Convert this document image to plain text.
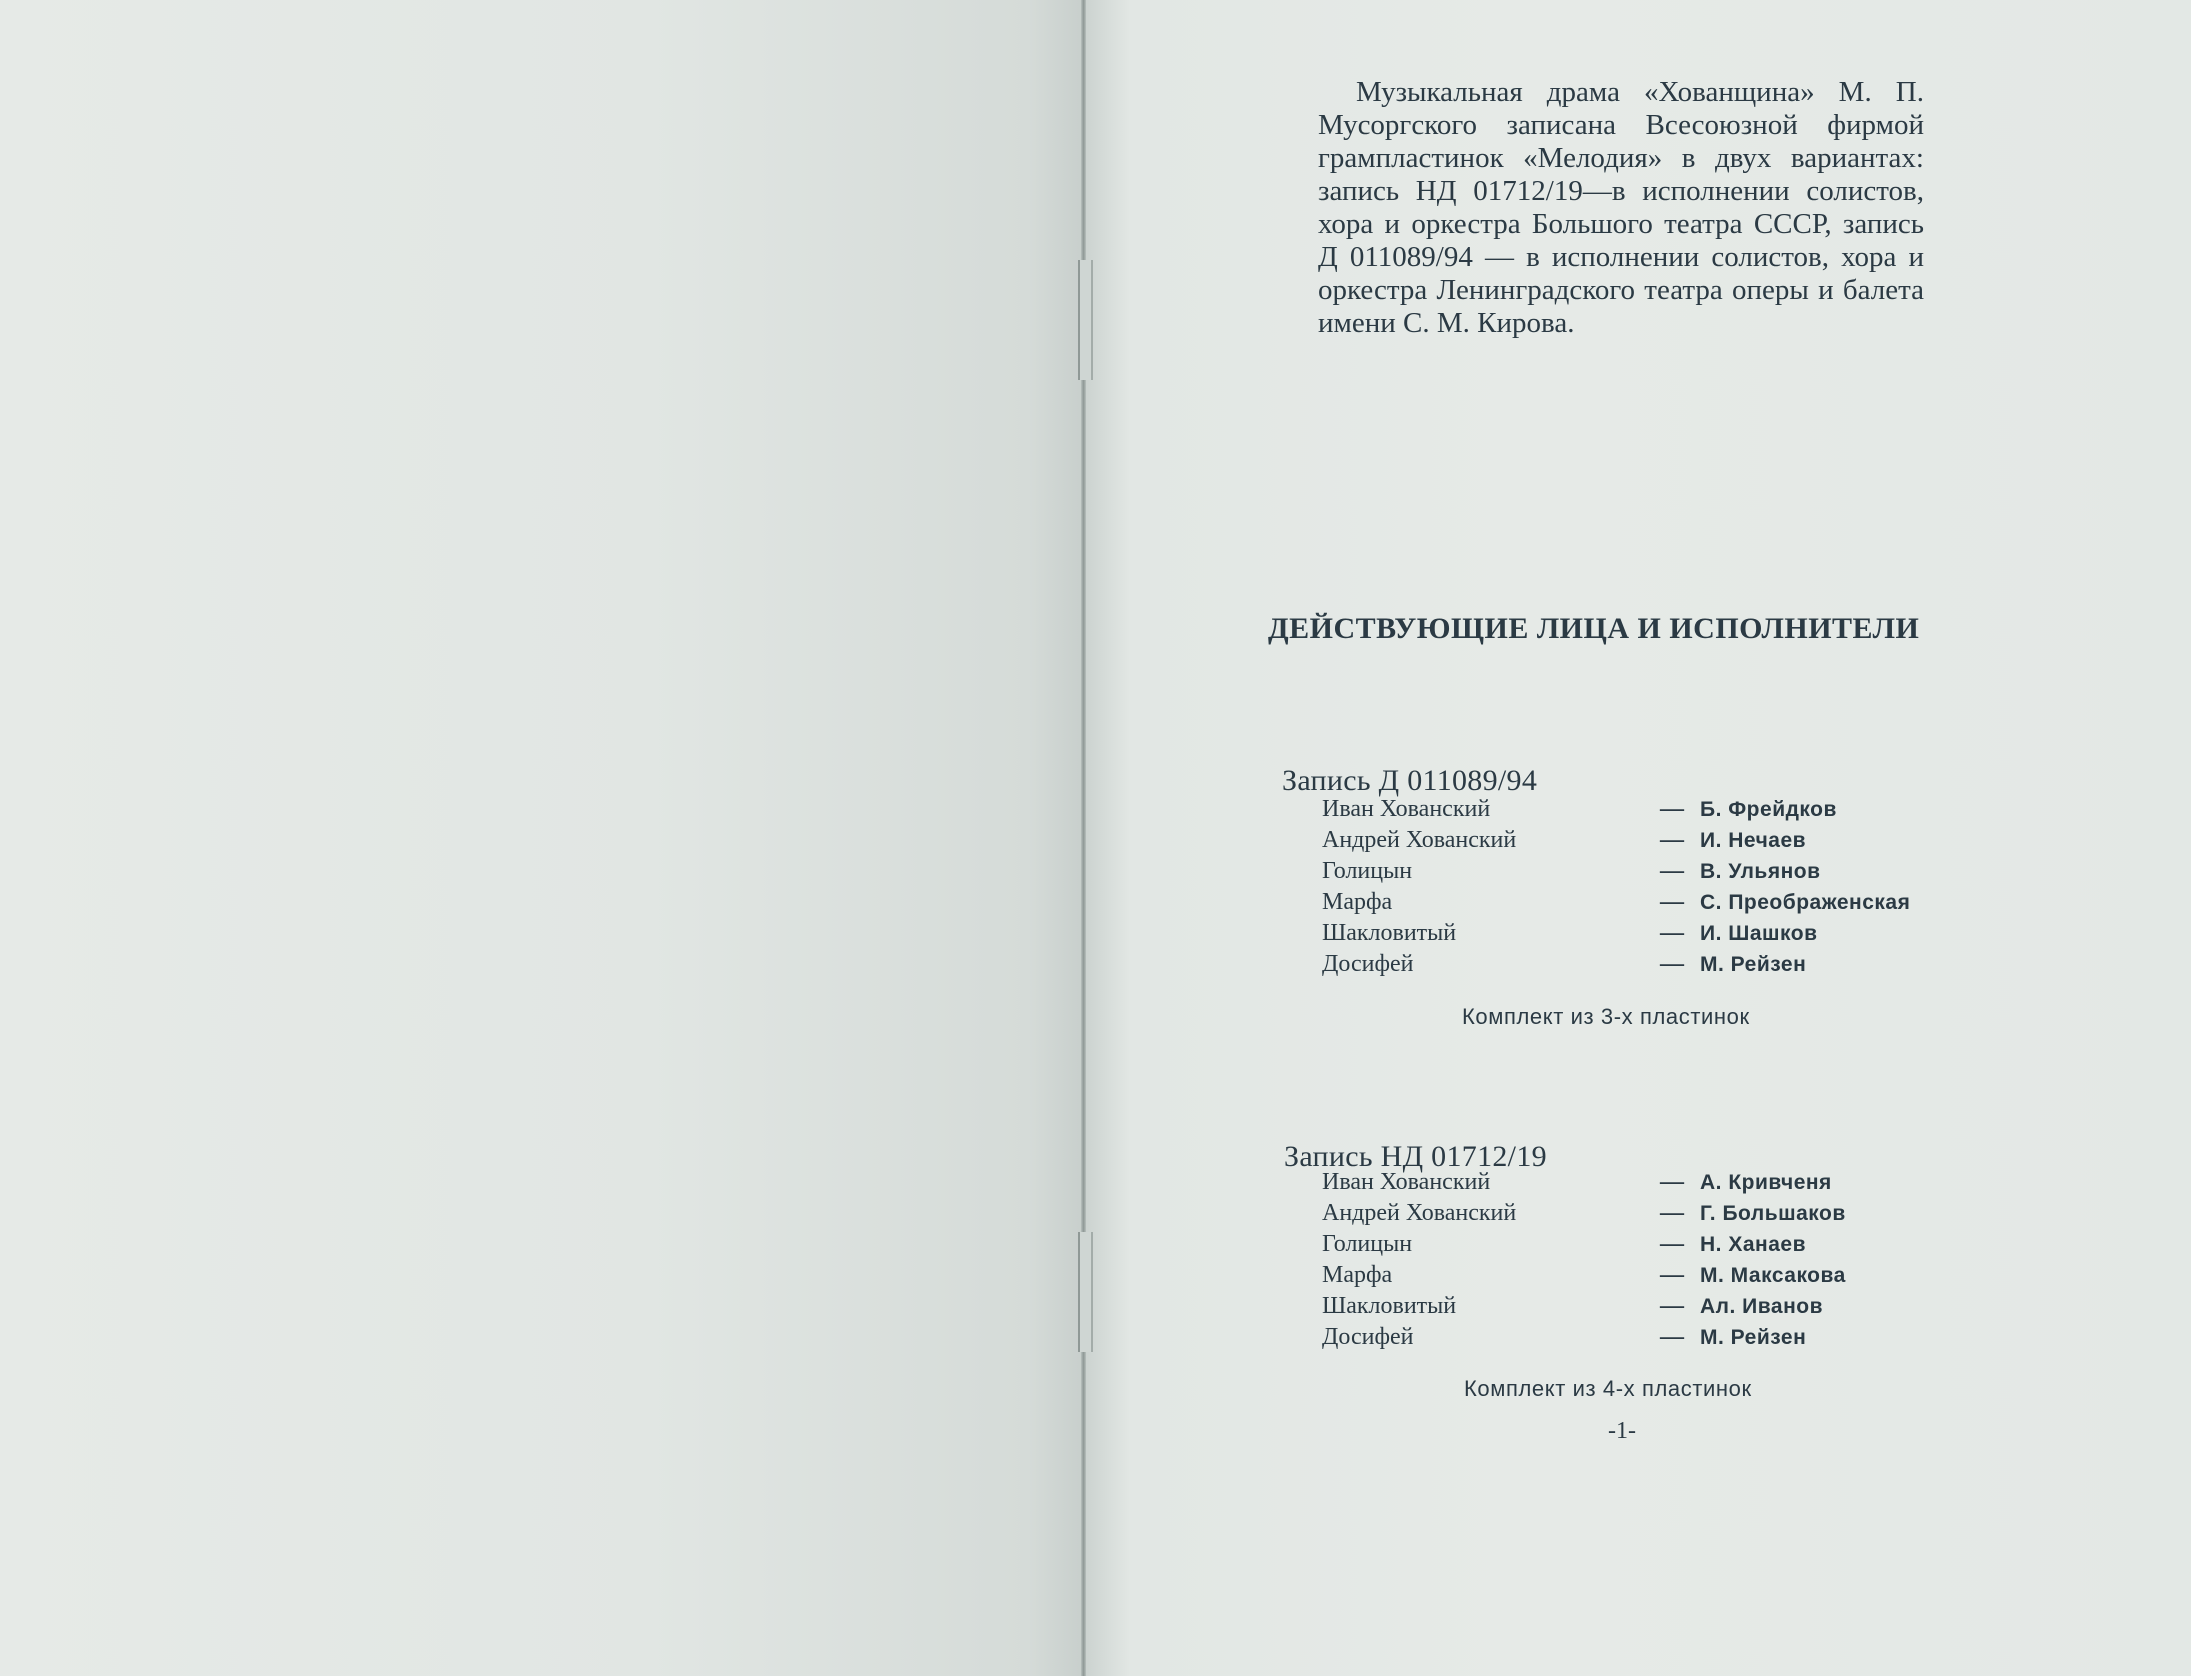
Музыкальная драма «Хованщина» М. П. Мусоргского записана Всесоюзной фирмой грампластинок «Мелодия» в двух вариантах: запись НД 01712/19—в исполнении солистов, хора и оркестра Большого театра СССР, запись Д 011089/94 — в исполнении солистов, хора и оркестра Ленинградского театра оперы и балета имени С. М. Кирова.

ДЕЙСТВУЮЩИЕ ЛИЦА И ИСПОЛНИТЕЛИ
Запись Д 011089/94
Иван Хованский	— Б. Фрейдков
Андрей Хованский	— И. Нечаев
Голицын	— В. Ульянов
Марфа	— С. Преображенская
Шакловитый	— И. Шашков
Досифей	— М. Рейзен
Комплект из 3-х пластинок
Запись НД 01712/19
Иван Хованский	— А. Кривченя
Андрей Хованский	— Г. Большаков
Голицын	— Н. Ханаев
Марфа	— М. Максакова
Шакловитый	— Ал. Иванов
Досифей	— М. Рейзен
Комплект из 4-х пластинок
-1-
